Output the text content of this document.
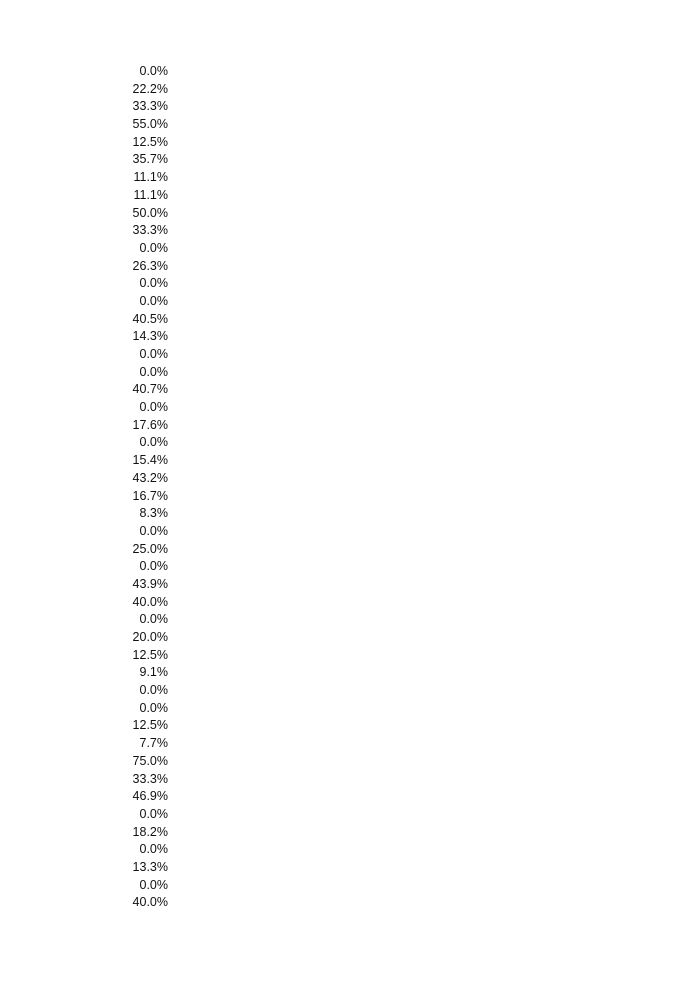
0.0%
22.2%
33.3%
55.0%
12.5%
35.7%
11.1%
11.1%
50.0%
33.3%
0.0%
26.3%
0.0%
0.0%
40.5%
14.3%
0.0%
0.0%
40.7%
0.0%
17.6%
0.0%
15.4%
43.2%
16.7%
8.3%
0.0%
25.0%
0.0%
43.9%
40.0%
0.0%
20.0%
12.5%
9.1%
0.0%
0.0%
12.5%
7.7%
75.0%
33.3%
46.9%
0.0%
18.2%
0.0%
13.3%
0.0%
40.0%
